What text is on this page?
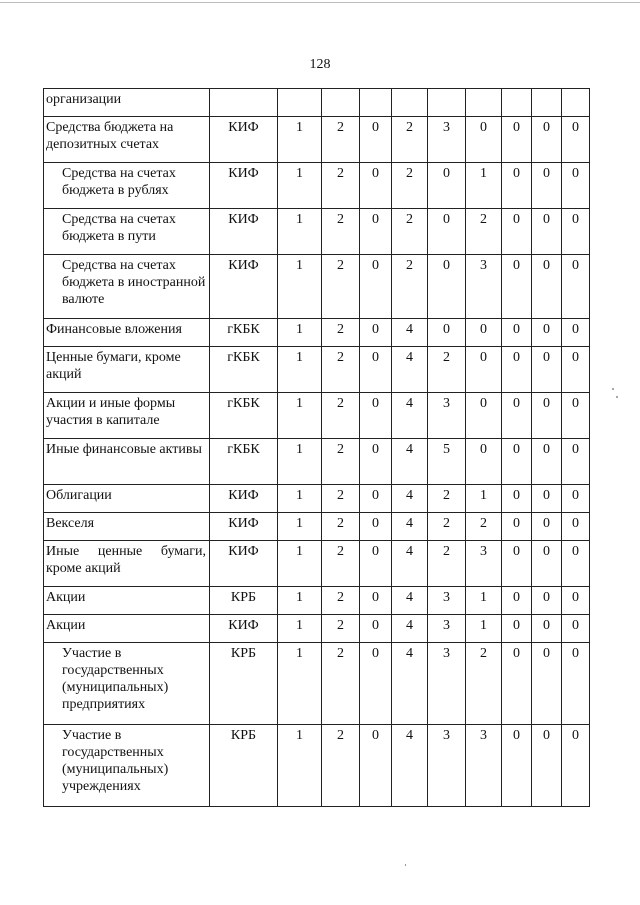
128
организации										
Средства бюджета на депозитных счетах	КИФ	1	2	0	2	3	0	0	0	0
Средства на счетах бюджета в рублях	КИФ	1	2	0	2	0	1	0	0	0
Средства на счетах бюджета в пути	КИФ	1	2	0	2	0	2	0	0	0
Средства на счетах бюджета в иностранной валюте	КИФ	1	2	0	2	0	3	0	0	0
Финансовые вложения	гКБК	1	2	0	4	0	0	0	0	0
Ценные бумаги, кроме акций	гКБК	1	2	0	4	2	0	0	0	0
Акции и иные формы участия в капитале	гКБК	1	2	0	4	3	0	0	0	0
Иные финансовые активы	гКБК	1	2	0	4	5	0	0	0	0
Облигации	КИФ	1	2	0	4	2	1	0	0	0
Векселя	КИФ	1	2	0	4	2	2	0	0	0
Иные ценные бумаги, кроме акций	КИФ	1	2	0	4	2	3	0	0	0
Акции	КРБ	1	2	0	4	3	1	0	0	0
Акции	КИФ	1	2	0	4	3	1	0	0	0
Участие в государственных (муниципальных) предприятиях	КРБ	1	2	0	4	3	2	0	0	0
Участие в государственных (муниципальных) учреждениях	КРБ	1	2	0	4	3	3	0	0	0
